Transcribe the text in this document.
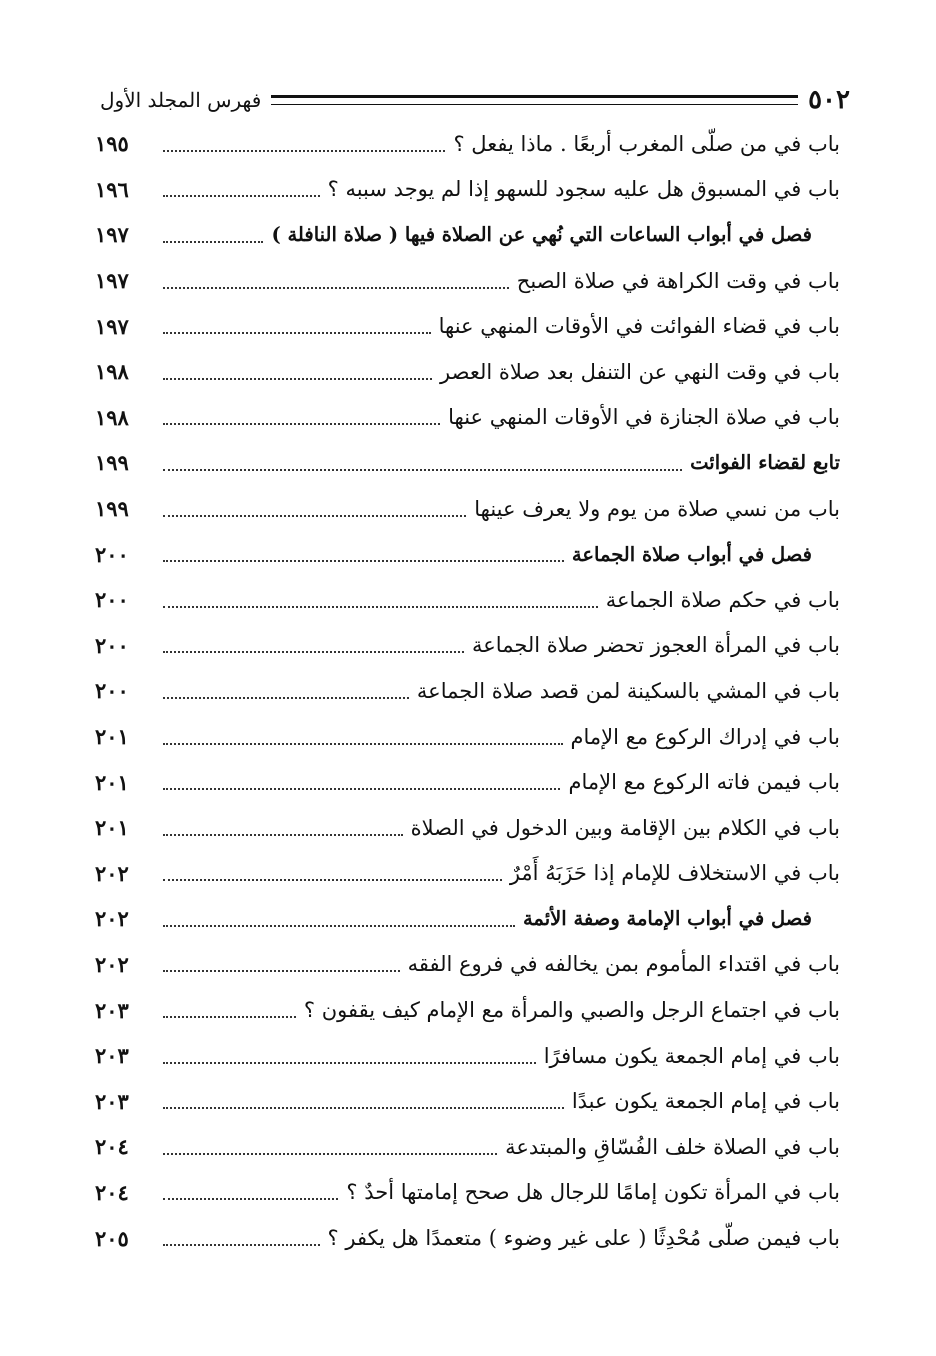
٥٠٢
فهرس المجلد الأول
باب في من صلّى المغرب أربعًا . ماذا يفعل ؟
١٩٥
باب في المسبوق هل عليه سجود للسهو إذا لم يوجد سببه ؟
١٩٦
فصل في أبواب الساعات التي نُهي عن الصلاة فيها ( صلاة النافلة )
١٩٧
باب في وقت الكراهة في صلاة الصبح
١٩٧
باب في قضاء الفوائت في الأوقات المنهي عنها
١٩٧
باب في وقت النهي عن التنفل بعد صلاة العصر
١٩٨
باب في صلاة الجنازة في الأوقات المنهي عنها
١٩٨
تابع لقضاء الفوائت
١٩٩
باب من نسي صلاة من يوم ولا يعرف عينها
١٩٩
فصل في أبواب صلاة الجماعة
٢٠٠
باب في حكم صلاة الجماعة
٢٠٠
باب في المرأة العجوز تحضر صلاة الجماعة
٢٠٠
باب في المشي بالسكينة لمن قصد صلاة الجماعة
٢٠٠
باب في إدراك الركوع مع الإمام
٢٠١
باب فيمن فاته الركوع مع الإمام
٢٠١
باب في الكلام بين الإقامة وبين الدخول في الصلاة
٢٠١
باب في الاستخلاف للإمام إذا حَزَبَهُ أَمْرٌ
٢٠٢
فصل في أبواب الإمامة وصفة الأئمة
٢٠٢
باب في اقتداء المأموم بمن يخالفه في فروع الفقه
٢٠٢
باب في اجتماع الرجل والصبي والمرأة مع الإمام كيف يقفون ؟
٢٠٣
باب في إمام الجمعة يكون مسافرًا
٢٠٣
باب في إمام الجمعة يكون عبدًا
٢٠٣
باب في الصلاة خلف الفُسّاقِ والمبتدعة
٢٠٤
باب في المرأة تكون إمامًا للرجال هل صحح إمامتها أحدٌ ؟
٢٠٤
باب فيمن صلّى مُحْدِثًا ( على غير وضوء ) متعمدًا هل يكفر ؟
٢٠٥
